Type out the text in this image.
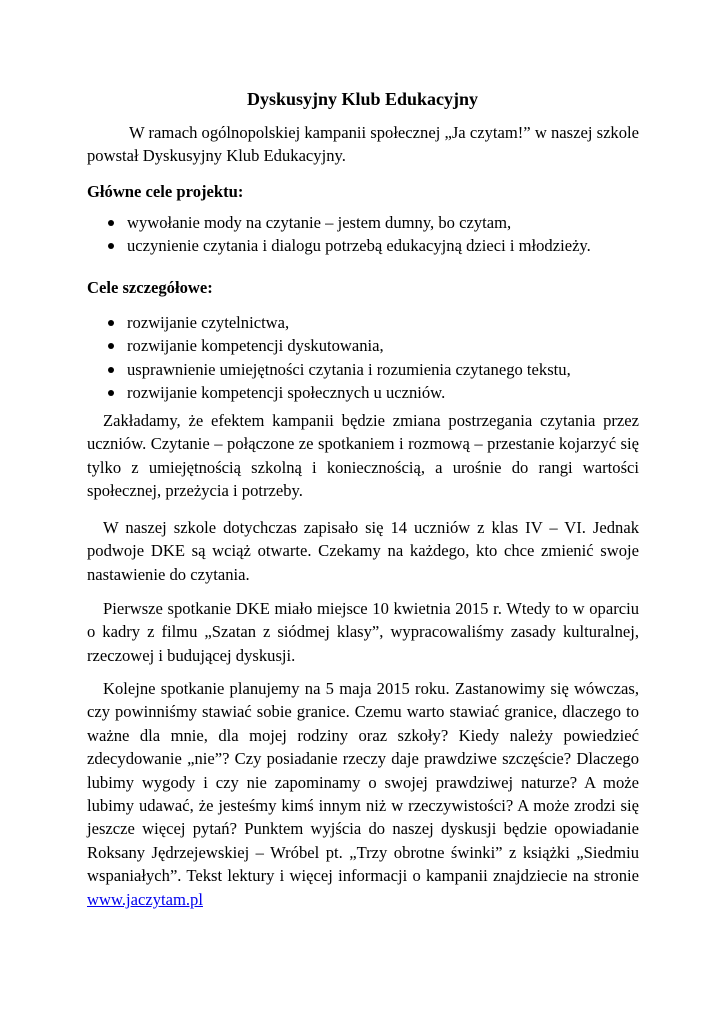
Dyskusyjny Klub Edukacyjny

W ramach ogólnopolskiej kampanii społecznej „Ja czytam!” w naszej szkole powstał Dyskusyjny Klub Edukacyjny.

Główne cele projektu:
wywołanie mody na czytanie – jestem dumny, bo czytam,
uczynienie czytania i dialogu potrzebą edukacyjną dzieci i młodzieży.
Cele szczegółowe:
rozwijanie czytelnictwa,
rozwijanie kompetencji dyskutowania,
usprawnienie umiejętności czytania i rozumienia czytanego tekstu,
rozwijanie kompetencji społecznych u uczniów.

Zakładamy, że efektem kampanii będzie zmiana postrzegania czytania przez uczniów. Czytanie – połączone ze spotkaniem i rozmową – przestanie kojarzyć się tylko z umiejętnością szkolną i koniecznością, a urośnie do rangi wartości społecznej, przeżycia i potrzeby.

W naszej szkole dotychczas zapisało się 14 uczniów z klas IV – VI. Jednak podwoje DKE są wciąż otwarte. Czekamy na każdego, kto chce zmienić swoje nastawienie do czytania.

Pierwsze spotkanie DKE miało miejsce 10 kwietnia 2015 r. Wtedy to w oparciu o kadry z filmu „Szatan z siódmej klasy”, wypracowaliśmy zasady kulturalnej, rzeczowej i budującej dyskusji.

Kolejne spotkanie planujemy na 5 maja 2015 roku. Zastanowimy się wówczas, czy powinniśmy stawiać sobie granice. Czemu warto stawiać granice, dlaczego to ważne dla mnie, dla mojej rodziny oraz szkoły? Kiedy należy powiedzieć zdecydowanie „nie”? Czy posiadanie rzeczy daje prawdziwe szczęście? Dlaczego lubimy wygody i czy nie zapominamy o swojej prawdziwej naturze? A może lubimy udawać, że jesteśmy kimś innym niż w rzeczywistości? A może zrodzi się jeszcze więcej pytań? Punktem wyjścia do naszej dyskusji będzie opowiadanie Roksany Jędrzejewskiej – Wróbel pt. „Trzy obrotne świnki” z książki „Siedmiu wspaniałych”. Tekst lektury i więcej informacji o kampanii znajdziecie na stronie www.jaczytam.pl
